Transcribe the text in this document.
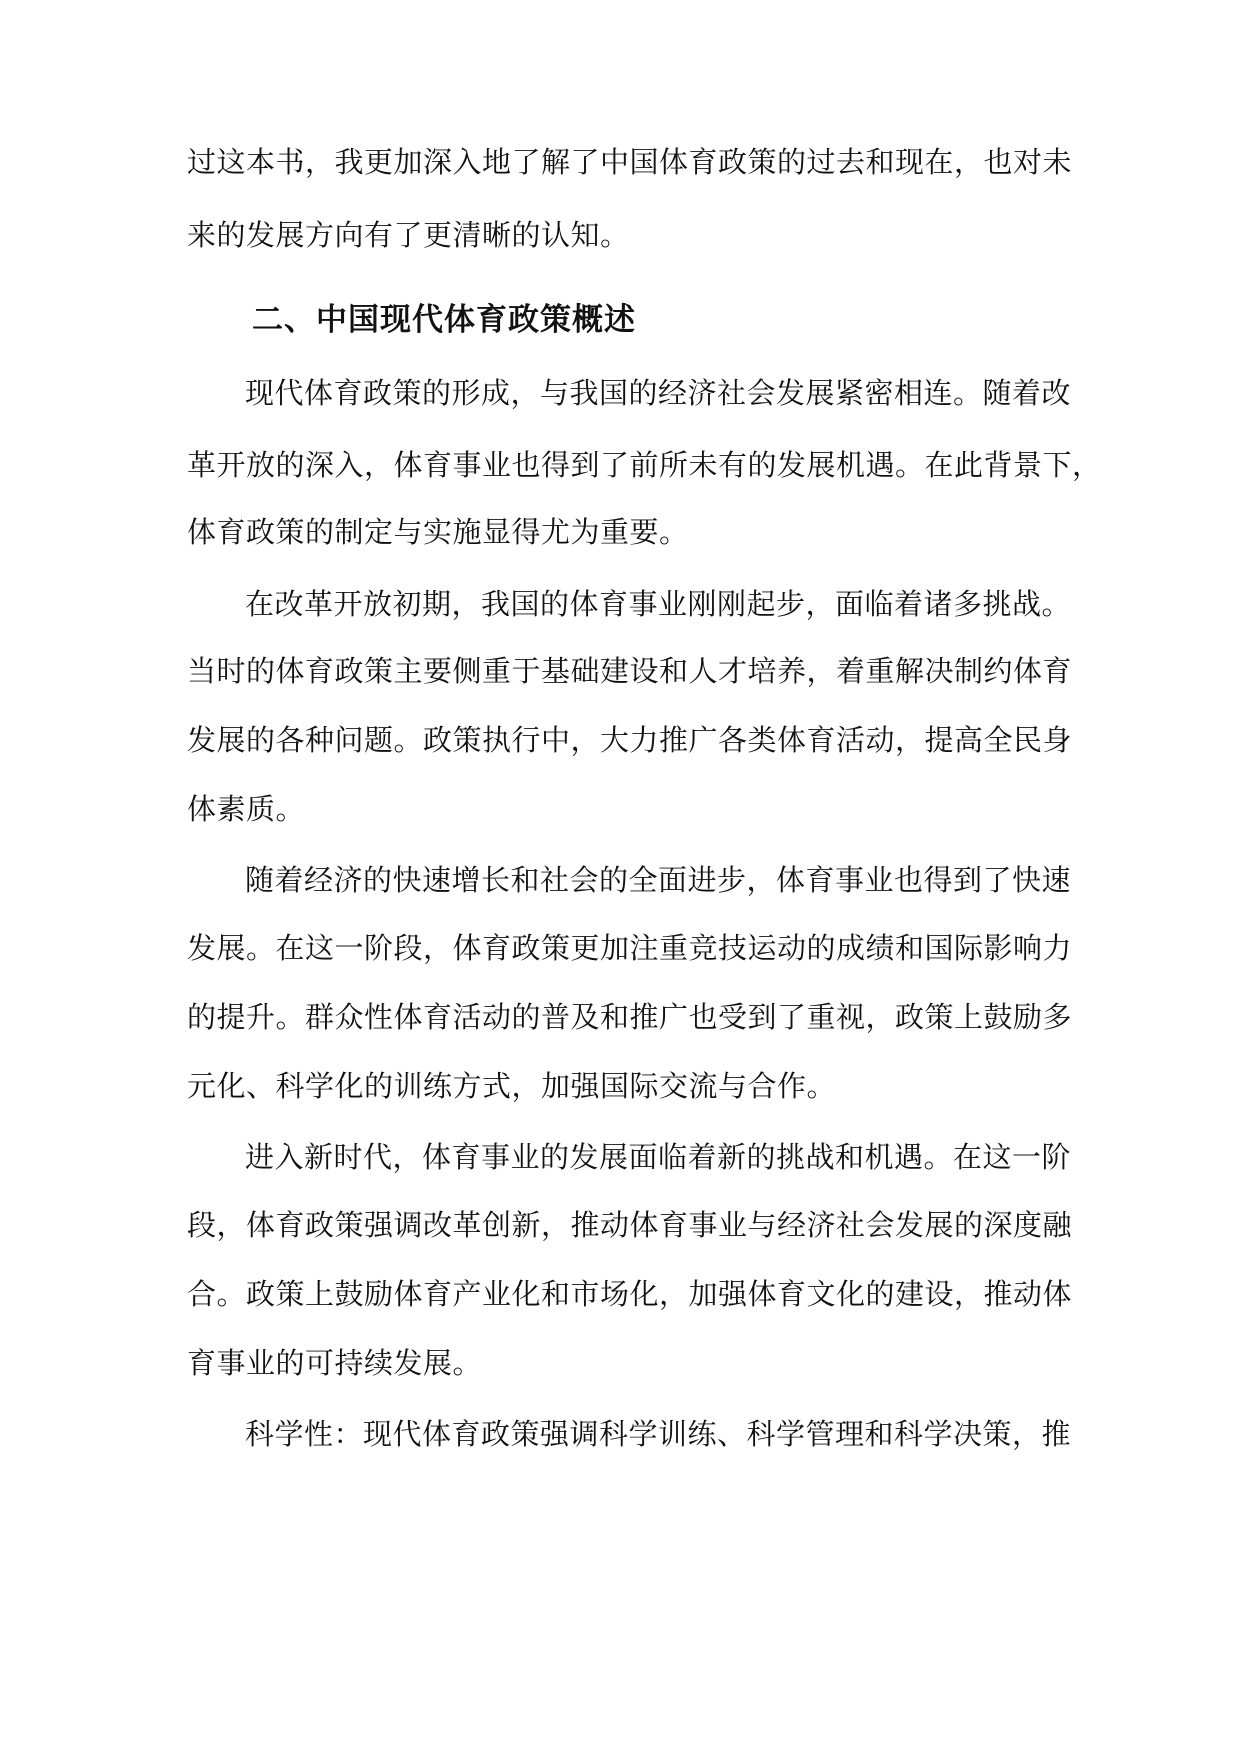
过这本书，我更加深入地了解了中国体育政策的过去和现在，也对未
来的发展方向有了更清晰的认知。
二、中国现代体育政策概述
现代体育政策的形成，与我国的经济社会发展紧密相连。随着改
革开放的深入，体育事业也得到了前所未有的发展机遇。在此背景下，
体育政策的制定与实施显得尤为重要。
在改革开放初期，我国的体育事业刚刚起步，面临着诸多挑战。
当时的体育政策主要侧重于基础建设和人才培养，着重解决制约体育
发展的各种问题。政策执行中，大力推广各类体育活动，提高全民身
体素质。
随着经济的快速增长和社会的全面进步，体育事业也得到了快速
发展。在这一阶段，体育政策更加注重竞技运动的成绩和国际影响力
的提升。群众性体育活动的普及和推广也受到了重视，政策上鼓励多
元化、科学化的训练方式，加强国际交流与合作。
进入新时代，体育事业的发展面临着新的挑战和机遇。在这一阶
段，体育政策强调改革创新，推动体育事业与经济社会发展的深度融
合。政策上鼓励体育产业化和市场化，加强体育文化的建设，推动体
育事业的可持续发展。
科学性：现代体育政策强调科学训练、科学管理和科学决策，推
